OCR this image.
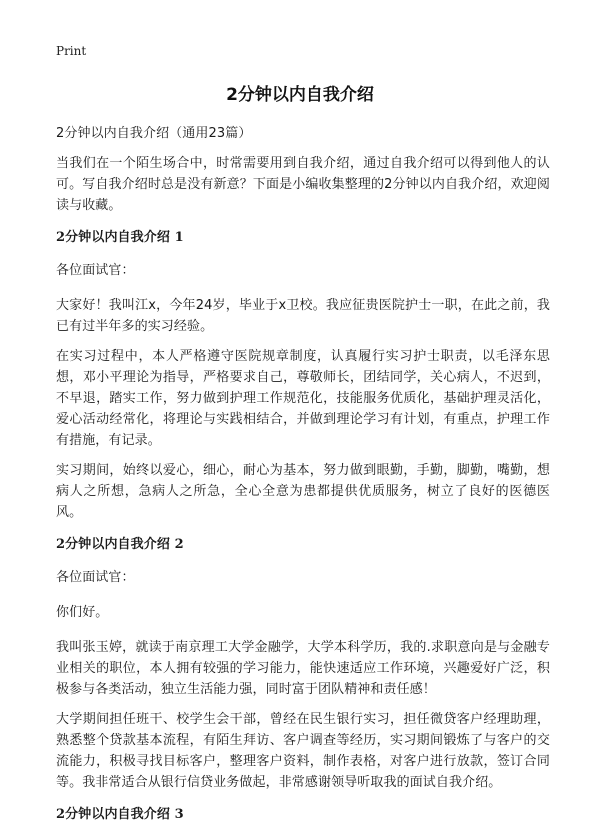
Print
2分钟以内自我介绍

2分钟以内自我介绍（通用23篇）

当我们在一个陌生场合中，时常需要用到自我介绍，通过自我介绍可以得到他人的认可。写自我介绍时总是没有新意？下面是小编收集整理的2分钟以内自我介绍，欢迎阅读与收藏。

2分钟以内自我介绍 1

各位面试官：

大家好！我叫江x，今年24岁，毕业于x卫校。我应征贵医院护士一职，在此之前，我已有过半年多的实习经验。

在实习过程中，本人严格遵守医院规章制度，认真履行实习护士职责，以毛泽东思想，邓小平理论为指导，严格要求自己，尊敬师长，团结同学，关心病人，不迟到，不早退，踏实工作，努力做到护理工作规范化，技能服务优质化，基础护理灵活化，爱心活动经常化，将理论与实践相结合，并做到理论学习有计划，有重点，护理工作有措施，有记录。

实习期间，始终以爱心，细心，耐心为基本，努力做到眼勤，手勤，脚勤，嘴勤，想病人之所想，急病人之所急，全心全意为患都提供优质服务，树立了良好的医德医风。

2分钟以内自我介绍 2

各位面试官：

你们好。

我叫张玉婷，就读于南京理工大学金融学，大学本科学历，我的.求职意向是与金融专业相关的职位，本人拥有较强的学习能力，能快速适应工作环境，兴趣爱好广泛，积极参与各类活动，独立生活能力强，同时富于团队精神和责任感！

大学期间担任班干、校学生会干部，曾经在民生银行实习，担任微贷客户经理助理，熟悉整个贷款基本流程，有陌生拜访、客户调查等经历，实习期间锻炼了与客户的交流能力，积极寻找目标客户，整理客户资料，制作表格，对客户进行放款，签订合同等。我非常适合从银行信贷业务做起，非常感谢领导听取我的面试自我介绍。

2分钟以内自我介绍 3
